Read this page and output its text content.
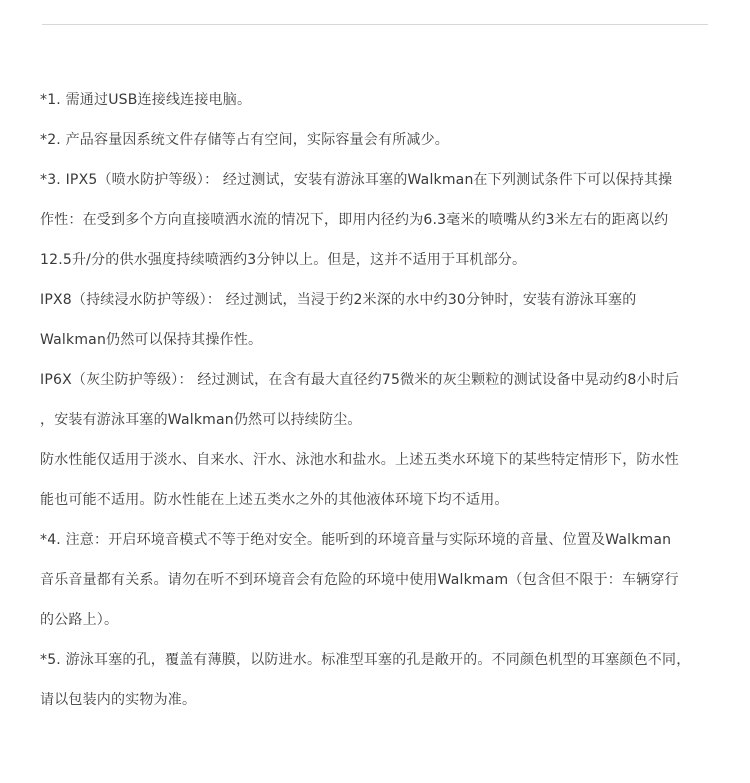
*1. 需通过USB连接线连接电脑。

*2. 产品容量因系统文件存储等占有空间，实际容量会有所减少。

*3. IPX5（喷水防护等级）： 经过测试，安装有游泳耳塞的Walkman在下列测试条件下可以保持其操

作性：在受到多个方向直接喷洒水流的情况下，即用内径约为6.3毫米的喷嘴从约3米左右的距离以约

12.5升/分的供水强度持续喷洒约3分钟以上。但是，这并不适用于耳机部分。

IPX8（持续浸水防护等级）： 经过测试，当浸于约2米深的水中约30分钟时，安装有游泳耳塞的

Walkman仍然可以保持其操作性。

IP6X（灰尘防护等级）： 经过测试，在含有最大直径约75微米的灰尘颗粒的测试设备中晃动约8小时后

，安装有游泳耳塞的Walkman仍然可以持续防尘。

防水性能仅适用于淡水、自来水、汗水、泳池水和盐水。上述五类水环境下的某些特定情形下，防水性

能也可能不适用。防水性能在上述五类水之外的其他液体环境下均不适用。

*4. 注意：开启环境音模式不等于绝对安全。能听到的环境音量与实际环境的音量、位置及Walkman

音乐音量都有关系。请勿在听不到环境音会有危险的环境中使用Walkmam（包含但不限于：车辆穿行

的公路上）。

*5. 游泳耳塞的孔，覆盖有薄膜，以防进水。标准型耳塞的孔是敞开的。不同颜色机型的耳塞颜色不同，

请以包装内的实物为准。
